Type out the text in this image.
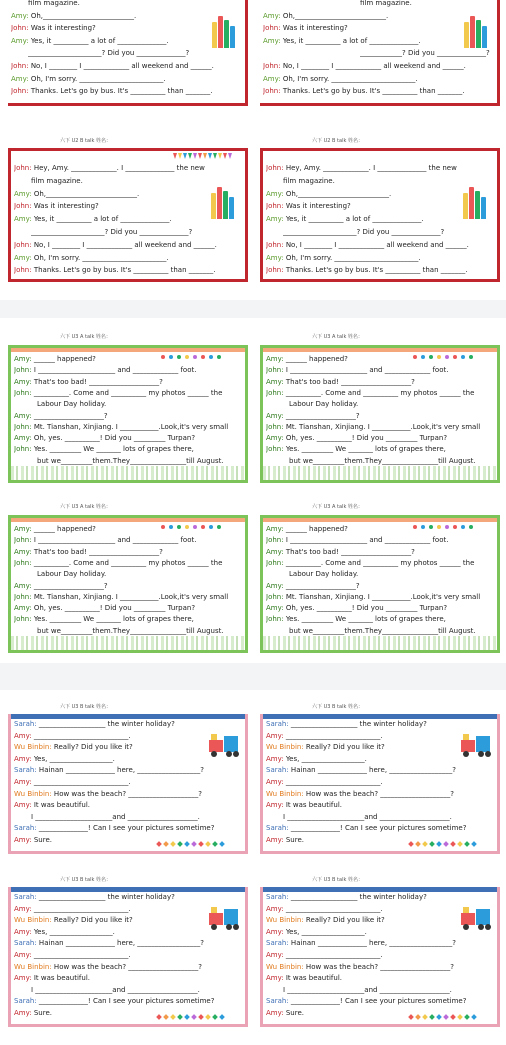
film magazine.
Amy: Oh,__________________________.
John: Was it interesting?
Amy: Yes, it __________ a lot of ______________.
_____________________? Did you ______________?
John: No, I ________ I _____________ all weekend and ______.
Amy: Oh, I'm sorry. ________________________.
John: Thanks. Let's go by bus. It's __________ than _______.
film magazine.
Amy: Oh,__________________________.
John: Was it interesting?
Amy: Yes, it __________ a lot of ______________.
____________? Did you ______________?
John: No, I ________ I _____________ all weekend and ______.
Amy: Oh, I'm sorry. ________________________.
John: Thanks. Let's go by bus. It's __________ than _______.
六下 U2 B talk 姓名：	六下 U2 B talk 姓名：
John: Hey, Amy. _____________. I ______________ the new
film magazine.
Amy: Oh,__________________________.
John: Was it interesting?
Amy: Yes, it __________ a lot of ______________.
_____________________? Did you ______________?
John: No, I ________ I _____________ all weekend and ______.
Amy: Oh, I'm sorry. ________________________.
John: Thanks. Let's go by bus. It's __________ than _______.
John: Hey, Amy. _____________. I ______________ the new
film magazine.
Amy: Oh,__________________________.
John: Was it interesting?
Amy: Yes, it __________ a lot of ______________.
_____________________? Did you ______________?
John: No, I ________ I _____________ all weekend and ______.
Amy: Oh, I'm sorry. ________________________.
John: Thanks. Let's go by bus. It's __________ than _______.
六下 U3 A talk 姓名：	六下 U3 A talk 姓名：
Amy: ______ happened?
John: I ______________________ and _____________ foot.
Amy: That's too bad! ____________________?
John: __________. Come and __________ my photos ______ the
Labour Day holiday.
Amy: ____________________?
John: Mt. Tianshan, Xinjiang. I ___________.Look,it's very small
Amy: Oh, yes. __________! Did you _________ Turpan?
John: Yes. _________ We _______ lots of grapes there,
but we_________them.They________________till August.
Amy: ______ happened?
John: I ______________________ and _____________ foot.
Amy: That's too bad! ____________________?
John: __________. Come and __________ my photos ______ the
Labour Day holiday.
Amy: ____________________?
John: Mt. Tianshan, Xinjiang. I ___________.Look,it's very small
Amy: Oh, yes. __________! Did you _________ Turpan?
John: Yes. _________ We _______ lots of grapes there,
but we_________them.They________________till August.
六下 U3 A talk 姓名：	六下 U3 A talk 姓名：
Amy: ______ happened?
John: I ______________________ and _____________ foot.
Amy: That's too bad! ____________________?
John: __________. Come and __________ my photos ______ the
Labour Day holiday.
Amy: ____________________?
John: Mt. Tianshan, Xinjiang. I ___________.Look,it's very small
Amy: Oh, yes. __________! Did you _________ Turpan?
John: Yes. _________ We _______ lots of grapes there,
but we_________them.They________________till August.
Amy: ______ happened?
John: I ______________________ and _____________ foot.
Amy: That's too bad! ____________________?
John: __________. Come and __________ my photos ______ the
Labour Day holiday.
Amy: ____________________?
John: Mt. Tianshan, Xinjiang. I ___________.Look,it's very small
Amy: Oh, yes. __________! Did you _________ Turpan?
John: Yes. _________ We _______ lots of grapes there,
but we_________them.They________________till August.
六下 U3 B talk 姓名：	六下 U3 B talk 姓名：
Sarah: ___________________ the winter holiday?
Amy: ___________________________.
Wu Binbin: Really? Did you like it?
Amy: Yes, __________________.
Sarah: Hainan ______________ here, __________________?
Amy: ___________________________.
Wu Binbin: How was the beach? ____________________?
Amy: It was beautiful.
I ______________________and ____________________.
Sarah: ______________! Can I see your pictures sometime?
Amy: Sure.
Sarah: ___________________ the winter holiday?
Amy: ___________________________.
Wu Binbin: Really? Did you like it?
Amy: Yes, __________________.
Sarah: Hainan ______________ here, __________________?
Amy: ___________________________.
Wu Binbin: How was the beach? ____________________?
Amy: It was beautiful.
I ______________________and ____________________.
Sarah: ______________! Can I see your pictures sometime?
Amy: Sure.
六下 U3 B talk 姓名：	六下 U3 B talk 姓名：
Sarah: ___________________ the winter holiday?
Amy: ___________________________.
Wu Binbin: Really? Did you like it?
Amy: Yes, __________________.
Sarah: Hainan ______________ here, __________________?
Amy: ___________________________.
Wu Binbin: How was the beach? ____________________?
Amy: It was beautiful.
I ______________________and ____________________.
Sarah: ______________! Can I see your pictures sometime?
Amy: Sure.
Sarah: ___________________ the winter holiday?
Amy: ___________________________.
Wu Binbin: Really? Did you like it?
Amy: Yes, __________________.
Sarah: Hainan ______________ here, __________________?
Amy: ___________________________.
Wu Binbin: How was the beach? ____________________?
Amy: It was beautiful.
I ______________________and ____________________.
Sarah: ______________! Can I see your pictures sometime?
Amy: Sure.
